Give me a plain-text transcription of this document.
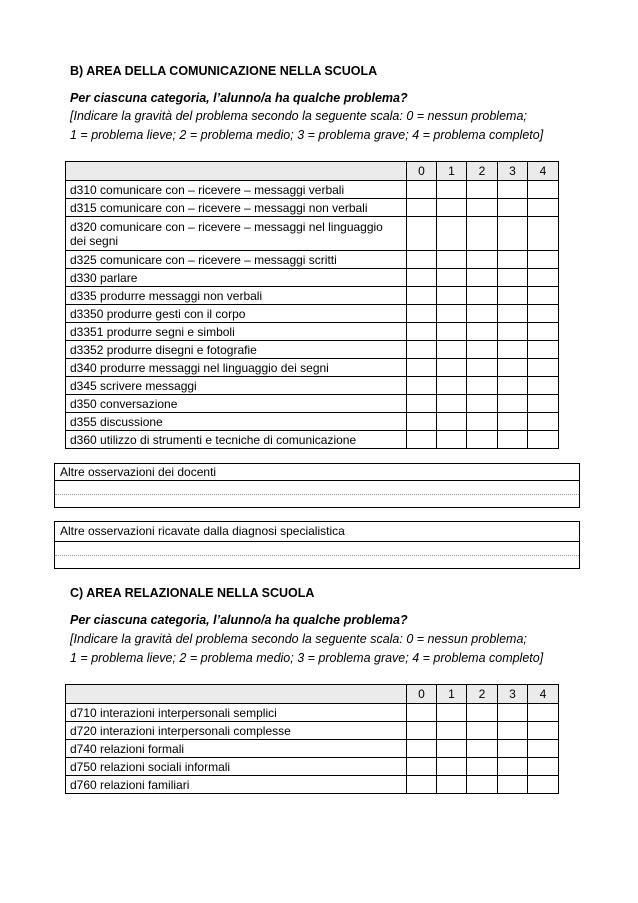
B) AREA DELLA COMUNICAZIONE NELLA SCUOLA
Per ciascuna categoria, l’alunno/a ha qualche problema?
[Indicare la gravità del problema secondo la seguente scala: 0 = nessun problema;
1 = problema lieve; 2 = problema medio; 3 = problema grave; 4 = problema completo]
	0	1	2	3	4
d310 comunicare con – ricevere – messaggi verbali					
d315 comunicare con – ricevere – messaggi non verbali					
d320 comunicare con – ricevere – messaggi nel linguaggio dei segni					
d325 comunicare con – ricevere – messaggi scritti					
d330 parlare					
d335 produrre messaggi non verbali					
d3350 produrre gesti con il corpo					
d3351 produrre segni e simboli					
d3352 produrre disegni e fotografie					
d340 produrre messaggi nel linguaggio dei segni					
d345 scrivere messaggi					
d350 conversazione					
d355 discussione					
d360 utilizzo di strumenti e tecniche di comunicazione					
Altre osservazioni dei docenti
Altre osservazioni ricavate dalla diagnosi specialistica
C) AREA RELAZIONALE NELLA SCUOLA
Per ciascuna categoria, l’alunno/a ha qualche problema?
[Indicare la gravità del problema secondo la seguente scala: 0 = nessun problema;
1 = problema lieve; 2 = problema medio; 3 = problema grave; 4 = problema completo]
	0	1	2	3	4
d710 interazioni interpersonali semplici					
d720 interazioni interpersonali complesse					
d740 relazioni formali					
d750 relazioni sociali informali					
d760 relazioni familiari					
